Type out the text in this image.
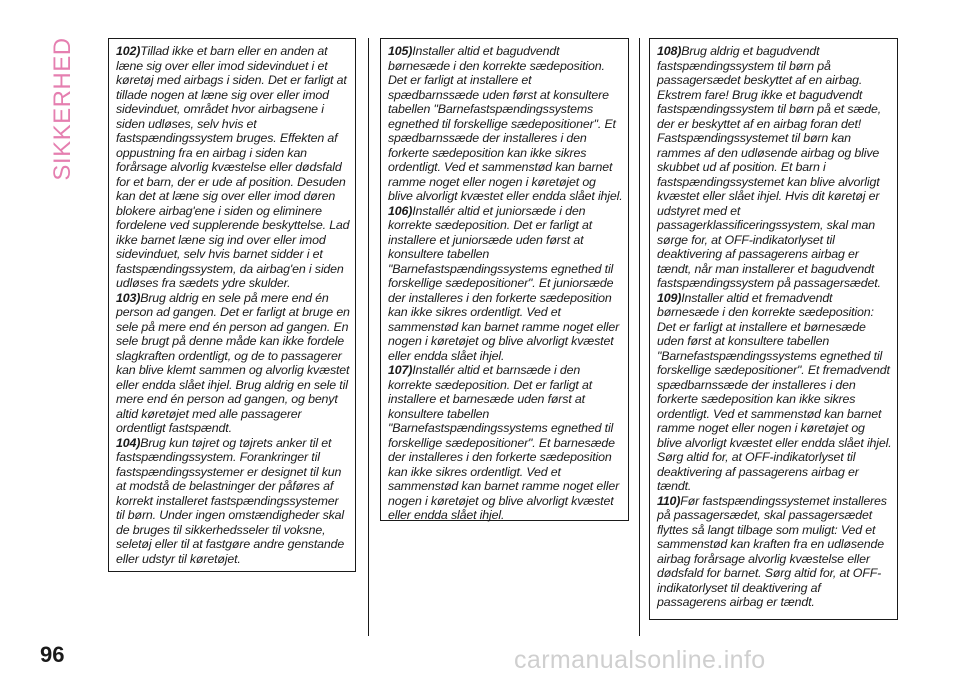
SIKKERHED	102)Tillad ikke et barn eller en anden at læne sig over eller imod sidevinduet i et køretøj med airbags i siden. Det er farligt at tillade nogen at læne sig over eller imod sidevinduet, området hvor airbagsene i siden udløses, selv hvis et fastspændingssystem bruges. Effekten af oppustning fra en airbag i siden kan forårsage alvorlig kvæstelse eller dødsfald for et barn, der er ude af position. Desuden kan det at læne sig over eller imod døren blokere airbag'ene i siden og eliminere fordelene ved supplerende beskyttelse. Lad ikke barnet læne sig ind over eller imod sidevinduet, selv hvis barnet sidder i et fastspændingssystem, da airbag'en i siden udløses fra sædets ydre skulder.

103)Brug aldrig en sele på mere end én person ad gangen. Det er farligt at bruge en sele på mere end én person ad gangen. En sele brugt på denne måde kan ikke fordele slagkraften ordentligt, og de to passagerer kan blive klemt sammen og alvorlig kvæstet eller endda slået ihjel. Brug aldrig en sele til mere end én person ad gangen, og benyt altid køretøjet med alle passagerer ordentligt fastspændt.

104)Brug kun tøjret og tøjrets anker til et fastspændingssystem. Forankringer til fastspændingssystemer er designet til kun at modstå de belastninger der påføres af korrekt installeret fastspændingssystemer til børn. Under ingen omstændigheder skal de bruges til sikkerhedsseler til voksne, seletøj eller til at fastgøre andre genstande eller udstyr til køretøjet.

105)Installer altid et bagudvendt børnesæde i den korrekte sædeposition. Det er farligt at installere et spædbarnssæde uden først at konsultere tabellen "Barnefastspændingssystems egnethed til forskellige sædepositioner". Et spædbarnssæde der installeres i den forkerte sædeposition kan ikke sikres ordentligt. Ved et sammenstød kan barnet ramme noget eller nogen i køretøjet og blive alvorligt kvæstet eller endda slået ihjel.

106)Installér altid et juniorsæde i den korrekte sædeposition. Det er farligt at installere et juniorsæde uden først at konsultere tabellen "Barnefastspændingssystems egnethed til forskellige sædepositioner". Et juniorsæde der installeres i den forkerte sædeposition kan ikke sikres ordentligt. Ved et sammenstød kan barnet ramme noget eller nogen i køretøjet og blive alvorligt kvæstet eller endda slået ihjel.

107)Installér altid et barnsæde i den korrekte sædeposition. Det er farligt at installere et barnesæde uden først at konsultere tabellen "Barnefastspændingssystems egnethed til forskellige sædepositioner". Et barnesæde der installeres i den forkerte sædeposition kan ikke sikres ordentligt. Ved et sammenstød kan barnet ramme noget eller nogen i køretøjet og blive alvorligt kvæstet eller endda slået ihjel.

108)Brug aldrig et bagudvendt fastspændingssystem til børn på passagersædet beskyttet af en airbag. Ekstrem fare! Brug ikke et bagudvendt fastspændingssystem til børn på et sæde, der er beskyttet af en airbag foran det! Fastspændingssystemet til børn kan rammes af den udløsende airbag og blive skubbet ud af position. Et barn i fastspændingssystemet kan blive alvorligt kvæstet eller slået ihjel. Hvis dit køretøj er udstyret med et passagerklassificeringssystem, skal man sørge for, at OFF-indikatorlyset til deaktivering af passagerens airbag er tændt, når man installerer et bagudvendt fastspændingssystem på passagersædet.

109)Installer altid et fremadvendt børnesæde i den korrekte sædeposition: Det er farligt at installere et børnesæde uden først at konsultere tabellen "Barnefastspændingssystems egnethed til forskellige sædepositioner". Et fremadvendt spædbarnssæde der installeres i den forkerte sædeposition kan ikke sikres ordentligt. Ved et sammenstød kan barnet ramme noget eller nogen i køretøjet og blive alvorligt kvæstet eller endda slået ihjel. Sørg altid for, at OFF-indikatorlyset til deaktivering af passagerens airbag er tændt.

110)Før fastspændingssystemet installeres på passagersædet, skal passagersædet flyttes så langt tilbage som muligt: Ved et sammenstød kan kraften fra en udløsende airbag forårsage alvorlig kvæstelse eller dødsfald for barnet. Sørg altid for, at OFF-indikatorlyset til deaktivering af passagerens airbag er tændt.

96	carmanualsonline.info
